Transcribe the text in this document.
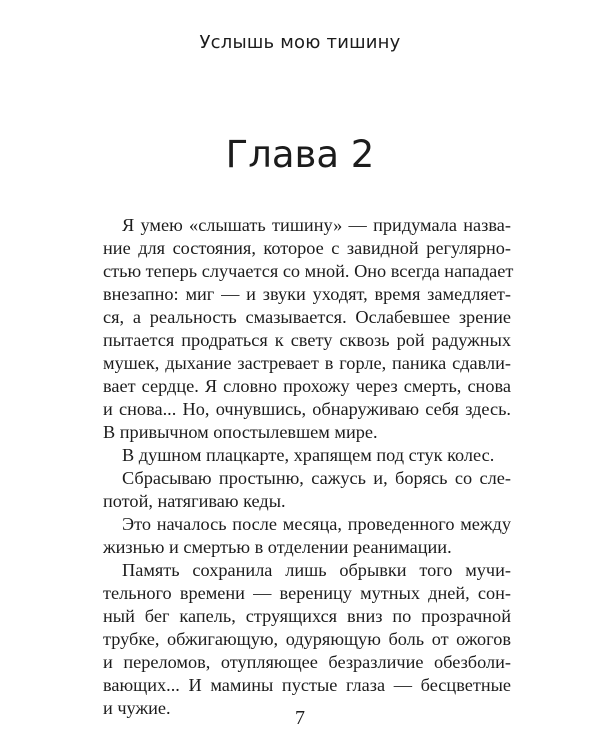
Услышь мою тишину
Глава 2
Я умею «слышать тишину» — придумала назва-
ние для состояния, которое с завидной регулярно-
стью теперь случается со мной. Оно всегда нападает
внезапно: миг — и звуки уходят, время замедляет-
ся, а реальность смазывается. Ослабевшее зрение
пытается продраться к свету сквозь рой радужных
мушек, дыхание застревает в горле, паника сдавли-
вает сердце. Я словно прохожу через смерть, снова
и снова... Но, очнувшись, обнаруживаю себя здесь.
В привычном опостылевшем мире.
В душном плацкарте, храпящем под стук колес.
Сбрасываю простыню, сажусь и, борясь со сле-
потой, натягиваю кеды.
Это началось после месяца, проведенного между
жизнью и смертью в отделении реанимации.
Память сохранила лишь обрывки того мучи-
тельного времени — вереницу мутных дней, сон-
ный бег капель, струящихся вниз по прозрачной
трубке, обжигающую, одуряющую боль от ожогов
и переломов, отупляющее безразличие обезболи-
вающих... И мамины пустые глаза — бесцветные
и чужие.	7
